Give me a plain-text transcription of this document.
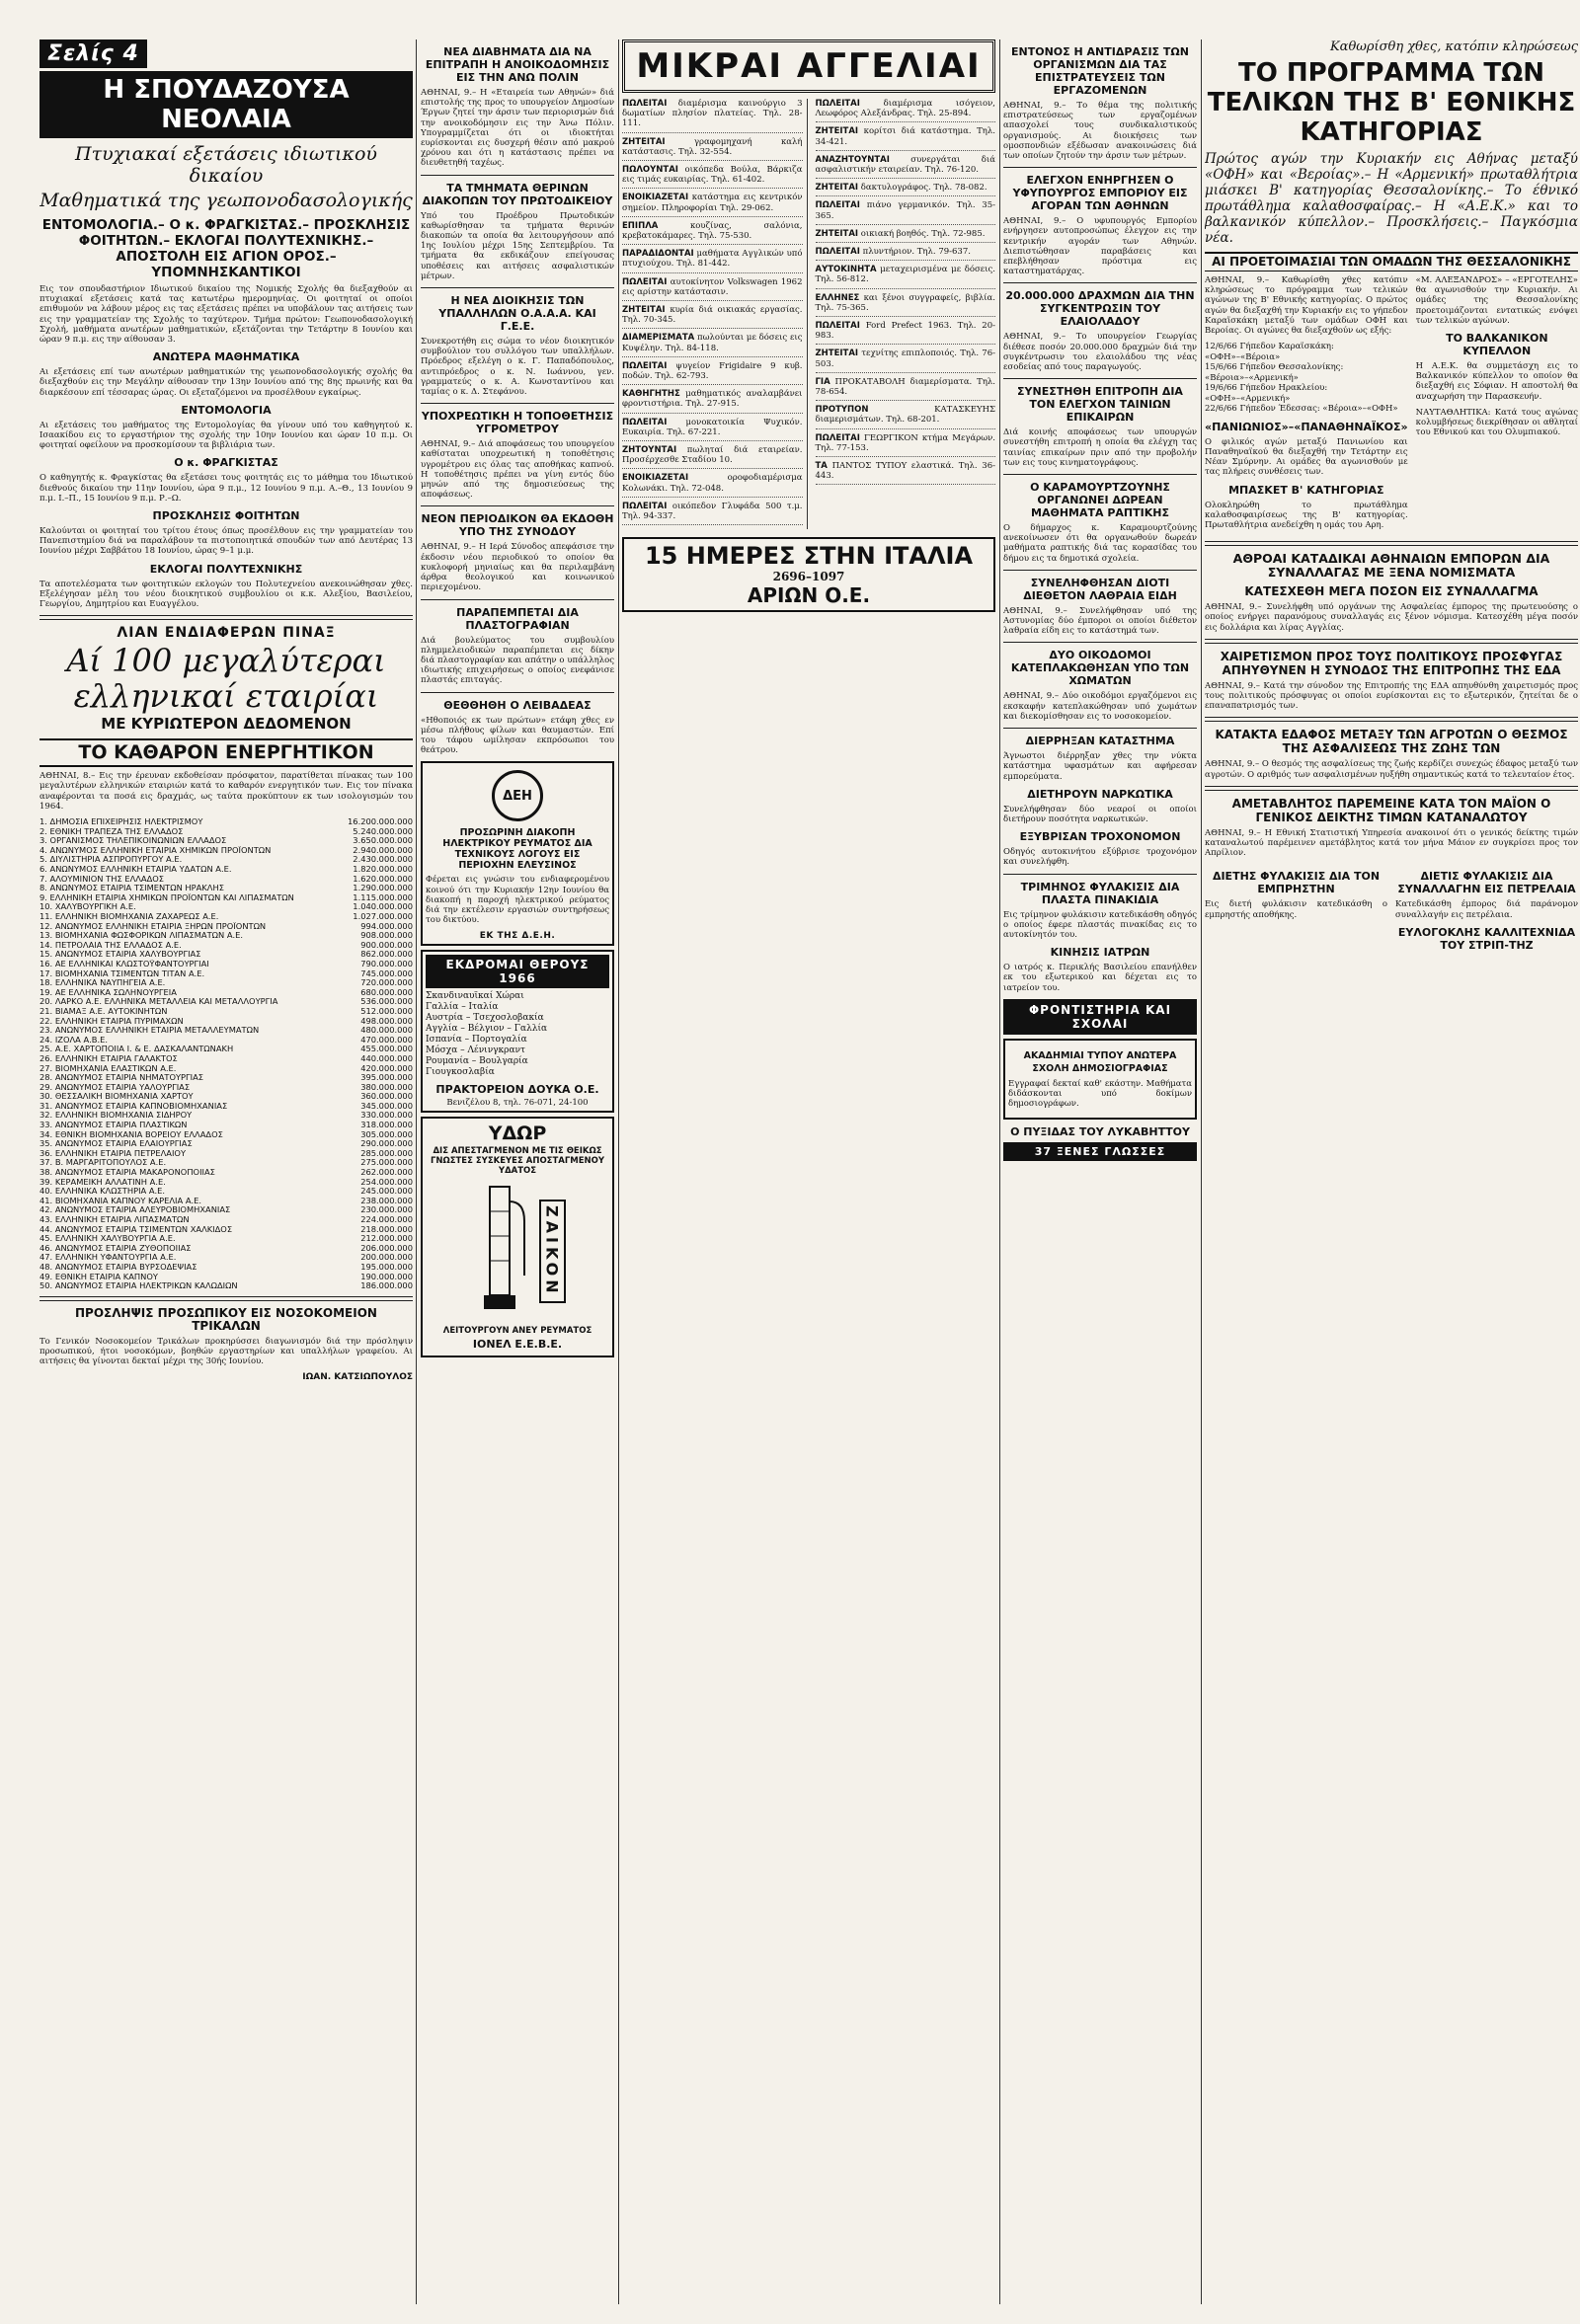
Σελίς 4
Η ΣΠΟΥΔΑΖΟΥΣΑ ΝΕΟΛΑΙΑ
Πτυχιακαί εξετάσεις ιδιωτικού δικαίου
Μαθηματικά της γεωπονοδασολογικής
ΕΝΤΟΜΟΛΟΓΙΑ.– Ο κ. ΦΡΑΓΚΙΣΤΑΣ.– ΠΡΟΣΚΛΗΣΙΣ ΦΟΙΤΗΤΩΝ.– ΕΚΛΟΓΑΙ ΠΟΛΥΤΕΧΝΙΚΗΣ.– ΑΠΟΣΤΟΛΗ ΕΙΣ ΑΓΙΟΝ ΟΡΟΣ.– ΥΠΟΜΝΗΣΚΑΝΤΙΚΟΙ

Εις τον σπουδαστήριον Ιδιωτικού δικαίου της Νομικής Σχολής θα διεξαχθούν αι πτυχιακαί εξετάσεις κατά τας κατωτέρω ημερομηνίας. Οι φοιτηταί οι οποίοι επιθυμούν να λάβουν μέρος εις τας εξετάσεις πρέπει να υποβάλουν τας αιτήσεις των εις την γραμματείαν της Σχολής το ταχύτερον. Τμήμα πρώτον: Γεωπονοδασολογική Σχολή, μαθήματα ανωτέρων μαθηματικών, εξετάζονται την Τετάρτην 8 Ιουνίου και ώραν 9 π.μ. εις την αίθουσαν 3.

ΑΝΩΤΕΡΑ ΜΑΘΗΜΑΤΙΚΑ

Αι εξετάσεις επί των ανωτέρων μαθηματικών της γεωπονοδασολογικής σχολής θα διεξαχθούν εις την Μεγάλην αίθουσαν την 13ην Ιουνίου από της 8ης πρωινής και θα διαρκέσουν επί τέσσαρας ώρας. Οι εξεταζόμενοι να προσέλθουν εγκαίρως.

ΕΝΤΟΜΟΛΟΓΙΑ

Αι εξετάσεις του μαθήματος της Εντομολογίας θα γίνουν υπό του καθηγητού κ. Ισαακίδου εις το εργαστήριον της σχολής την 10ην Ιουνίου και ώραν 10 π.μ. Οι φοιτηταί οφείλουν να προσκομίσουν τα βιβλιάρια των.

Ο κ. ΦΡΑΓΚΙΣΤΑΣ

Ο καθηγητής κ. Φραγκίστας θα εξετάσει τους φοιτητάς εις το μάθημα του Ιδιωτικού διεθνούς δικαίου την 11ην Ιουνίου, ώρα 9 π.μ., 12 Ιουνίου 9 π.μ. Α.–Θ., 13 Ιουνίου 9 π.μ. Ι.–Π., 15 Ιουνίου 9 π.μ. Ρ.–Ω.

ΠΡΟΣΚΛΗΣΙΣ ΦΟΙΤΗΤΩΝ

Καλούνται οι φοιτηταί του τρίτου έτους όπως προσέλθουν εις την γραμματείαν του Πανεπιστημίου διά να παραλάβουν τα πιστοποιητικά σπουδών των από Δευτέρας 13 Ιουνίου μέχρι Σαββάτου 18 Ιουνίου, ώρας 9–1 μ.μ.

ΕΚΛΟΓΑΙ ΠΟΛΥΤΕΧΝΙΚΗΣ

Τα αποτελέσματα των φοιτητικών εκλογών του Πολυτεχνείου ανεκοινώθησαν χθες. Εξελέγησαν μέλη του νέου διοικητικού συμβουλίου οι κ.κ. Αλεξίου, Βασιλείου, Γεωργίου, Δημητρίου και Ευαγγέλου.

ΛΙΑΝ ΕΝΔΙΑΦΕΡΩΝ ΠΙΝΑΞ
Αί 100 μεγαλύτεραι ελληνικαί εταιρίαι
ΜΕ ΚΥΡΙΩΤΕΡΟΝ ΔΕΔΟΜΕΝΟΝ
ΤΟ ΚΑΘΑΡΟΝ ΕΝΕΡΓΗΤΙΚΟΝ

ΑΘΗΝΑΙ, 8.– Εις την έρευναν εκδοθείσαν πρόσφατον, παρατίθεται πίνακας των 100 μεγαλυτέρων ελληνικών εταιριών κατά το καθαρόν ενεργητικόν των. Εις τον πίνακα αναφέρονται τα ποσά εις δραχμάς, ως ταύτα προκύπτουν εκ των ισολογισμών του 1964.

1. ΔΗΜΟΣΙΑ ΕΠΙΧΕΙΡΗΣΙΣ ΗΛΕΚΤΡΙΣΜΟΥ	16.200.000.000
2. ΕΘΝΙΚΗ ΤΡΑΠΕΖΑ ΤΗΣ ΕΛΛΑΔΟΣ	5.240.000.000
3. ΟΡΓΑΝΙΣΜΟΣ ΤΗΛΕΠΙΚΟΙΝΩΝΙΩΝ ΕΛΛΑΔΟΣ	3.650.000.000
4. ΑΝΩΝΥΜΟΣ ΕΛΛΗΝΙΚΗ ΕΤΑΙΡΙΑ ΧΗΜΙΚΩΝ ΠΡΟΪΟΝΤΩΝ	2.940.000.000
5. ΔΙΥΛΙΣΤΗΡΙΑ ΑΣΠΡΟΠΥΡΓΟΥ Α.Ε.	2.430.000.000
6. ΑΝΩΝΥΜΟΣ ΕΛΛΗΝΙΚΗ ΕΤΑΙΡΙΑ ΥΔΑΤΩΝ Α.Ε.	1.820.000.000
7. ΑΛΟΥΜΙΝΙΟΝ ΤΗΣ ΕΛΛΑΔΟΣ	1.620.000.000
8. ΑΝΩΝΥΜΟΣ ΕΤΑΙΡΙΑ ΤΣΙΜΕΝΤΩΝ ΗΡΑΚΛΗΣ	1.290.000.000
9. ΕΛΛΗΝΙΚΗ ΕΤΑΙΡΙΑ ΧΗΜΙΚΩΝ ΠΡΟΪΟΝΤΩΝ ΚΑΙ ΛΙΠΑΣΜΑΤΩΝ	1.115.000.000
10. ΧΑΛΥΒΟΥΡΓΙΚΗ Α.Ε.	1.040.000.000
11. ΕΛΛΗΝΙΚΗ ΒΙΟΜΗΧΑΝΙΑ ΖΑΧΑΡΕΩΣ Α.Ε.	1.027.000.000
12. ΑΝΩΝΥΜΟΣ ΕΛΛΗΝΙΚΗ ΕΤΑΙΡΙΑ ΞΗΡΩΝ ΠΡΟΪΟΝΤΩΝ	994.000.000
13. ΒΙΟΜΗΧΑΝΙΑ ΦΩΣΦΟΡΙΚΩΝ ΛΙΠΑΣΜΑΤΩΝ Α.Ε.	908.000.000
14. ΠΕΤΡΟΛΑΙΑ ΤΗΣ ΕΛΛΑΔΟΣ Α.Ε.	900.000.000
15. ΑΝΩΝΥΜΟΣ ΕΤΑΙΡΙΑ ΧΑΛΥΒΟΥΡΓΙΑΣ	862.000.000
16. ΑΕ ΕΛΛΗΝΙΚΑΙ ΚΛΩΣΤΟΫΦΑΝΤΟΥΡΓΙΑΙ	790.000.000
17. ΒΙΟΜΗΧΑΝΙΑ ΤΣΙΜΕΝΤΩΝ ΤΙΤΑΝ Α.Ε.	745.000.000
18. ΕΛΛΗΝΙΚΑ ΝΑΥΠΗΓΕΙΑ Α.Ε.	720.000.000
19. ΑΕ ΕΛΛΗΝΙΚΑ ΣΩΛΗΝΟΥΡΓΕΙΑ	680.000.000
20. ΛΑΡΚΟ Α.Ε. ΕΛΛΗΝΙΚΑ ΜΕΤΑΛΛΕΙΑ ΚΑΙ ΜΕΤΑΛΛΟΥΡΓΙΑ	536.000.000
21. ΒΙΑΜΑΞ Α.Ε. ΑΥΤΟΚΙΝΗΤΩΝ	512.000.000
22. ΕΛΛΗΝΙΚΗ ΕΤΑΙΡΙΑ ΠΥΡΙΜΑΧΩΝ	498.000.000
23. ΑΝΩΝΥΜΟΣ ΕΛΛΗΝΙΚΗ ΕΤΑΙΡΙΑ ΜΕΤΑΛΛΕΥΜΑΤΩΝ	480.000.000
24. ΙΖΟΛΑ Α.Β.Ε.	470.000.000
25. Α.Ε. ΧΑΡΤΟΠΟΙΙΑ Ι. & Ε. ΔΑΣΚΑΛΑΝΤΩΝΑΚΗ	455.000.000
26. ΕΛΛΗΝΙΚΗ ΕΤΑΙΡΙΑ ΓΑΛΑΚΤΟΣ	440.000.000
27. ΒΙΟΜΗΧΑΝΙΑ ΕΛΑΣΤΙΚΩΝ Α.Ε.	420.000.000
28. ΑΝΩΝΥΜΟΣ ΕΤΑΙΡΙΑ ΝΗΜΑΤΟΥΡΓΙΑΣ	395.000.000
29. ΑΝΩΝΥΜΟΣ ΕΤΑΙΡΙΑ ΥΑΛΟΥΡΓΙΑΣ	380.000.000
30. ΘΕΣΣΑΛΙΚΗ ΒΙΟΜΗΧΑΝΙΑ ΧΑΡΤΟΥ	360.000.000
31. ΑΝΩΝΥΜΟΣ ΕΤΑΙΡΙΑ ΚΑΠΝΟΒΙΟΜΗΧΑΝΙΑΣ	345.000.000
32. ΕΛΛΗΝΙΚΗ ΒΙΟΜΗΧΑΝΙΑ ΣΙΔΗΡΟΥ	330.000.000
33. ΑΝΩΝΥΜΟΣ ΕΤΑΙΡΙΑ ΠΛΑΣΤΙΚΩΝ	318.000.000
34. ΕΘΝΙΚΗ ΒΙΟΜΗΧΑΝΙΑ ΒΟΡΕΙΟΥ ΕΛΛΑΔΟΣ	305.000.000
35. ΑΝΩΝΥΜΟΣ ΕΤΑΙΡΙΑ ΕΛΑΙΟΥΡΓΙΑΣ	290.000.000
36. ΕΛΛΗΝΙΚΗ ΕΤΑΙΡΙΑ ΠΕΤΡΕΛΑΙΟΥ	285.000.000
37. Β. ΜΑΡΓΑΡΙΤΟΠΟΥΛΟΣ Α.Ε.	275.000.000
38. ΑΝΩΝΥΜΟΣ ΕΤΑΙΡΙΑ ΜΑΚΑΡΟΝΟΠΟΙΙΑΣ	262.000.000
39. ΚΕΡΑΜΕΙΚΗ ΑΛΛΑΤΙΝΗ Α.Ε.	254.000.000
40. ΕΛΛΗΝΙΚΑ ΚΛΩΣΤΗΡΙΑ Α.Ε.	245.000.000
41. ΒΙΟΜΗΧΑΝΙΑ ΚΑΠΝΟΥ ΚΑΡΕΛΙΑ Α.Ε.	238.000.000
42. ΑΝΩΝΥΜΟΣ ΕΤΑΙΡΙΑ ΑΛΕΥΡΟΒΙΟΜΗΧΑΝΙΑΣ	230.000.000
43. ΕΛΛΗΝΙΚΗ ΕΤΑΙΡΙΑ ΛΙΠΑΣΜΑΤΩΝ	224.000.000
44. ΑΝΩΝΥΜΟΣ ΕΤΑΙΡΙΑ ΤΣΙΜΕΝΤΩΝ ΧΑΛΚΙΔΟΣ	218.000.000
45. ΕΛΛΗΝΙΚΗ ΧΑΛΥΒΟΥΡΓΙΑ Α.Ε.	212.000.000
46. ΑΝΩΝΥΜΟΣ ΕΤΑΙΡΙΑ ΖΥΘΟΠΟΙΙΑΣ	206.000.000
47. ΕΛΛΗΝΙΚΗ ΥΦΑΝΤΟΥΡΓΙΑ Α.Ε.	200.000.000
48. ΑΝΩΝΥΜΟΣ ΕΤΑΙΡΙΑ ΒΥΡΣΟΔΕΨΙΑΣ	195.000.000
49. ΕΘΝΙΚΗ ΕΤΑΙΡΙΑ ΚΑΠΝΟΥ	190.000.000
50. ΑΝΩΝΥΜΟΣ ΕΤΑΙΡΙΑ ΗΛΕΚΤΡΙΚΩΝ ΚΑΛΩΔΙΩΝ	186.000.000
ΠΡΟΣΛΗΨΙΣ ΠΡΟΣΩΠΙΚΟΥ ΕΙΣ ΝΟΣΟΚΟΜΕΙΟΝ ΤΡΙΚΑΛΩΝ

Το Γενικόν Νοσοκομείον Τρικάλων προκηρύσσει διαγωνισμόν διά την πρόσληψιν προσωπικού, ήτοι νοσοκόμων, βοηθών εργαστηρίων και υπαλλήλων γραφείου. Αι αιτήσεις θα γίνονται δεκταί μέχρι της 30ής Ιουνίου.

ΙΩΑΝ. ΚΑΤΣΙΩΠΟΥΛΟΣ
ΝΕΑ ΔΙΑΒΗΜΑΤΑ ΔΙΑ ΝΑ ΕΠΙΤΡΑΠΗ Η ΑΝΟΙΚΟΔΟΜΗΣΙΣ ΕΙΣ ΤΗΝ ΑΝΩ ΠΟΛΙΝ

ΑΘΗΝΑΙ, 9.– Η «Εταιρεία των Αθηνών» διά επιστολής της προς το υπουργείον Δημοσίων Έργων ζητεί την άρσιν των περιορισμών διά την ανοικοδόμησιν εις την Άνω Πόλιν. Υπογραμμίζεται ότι οι ιδιοκτήται ευρίσκονται εις δυσχερή θέσιν από μακρού χρόνου και ότι η κατάστασις πρέπει να διευθετηθή ταχέως.

ΤΑ ΤΜΗΜΑΤΑ ΘΕΡΙΝΩΝ ΔΙΑΚΟΠΩΝ ΤΟΥ ΠΡΩΤΟΔΙΚΕΙΟΥ

Υπό του Προέδρου Πρωτοδικών καθωρίσθησαν τα τμήματα θερινών διακοπών τα οποία θα λειτουργήσουν από 1ης Ιουλίου μέχρι 15ης Σεπτεμβρίου. Τα τμήματα θα εκδικάζουν επείγουσας υποθέσεις και αιτήσεις ασφαλιστικών μέτρων.

Η ΝΕΑ ΔΙΟΙΚΗΣΙΣ ΤΩΝ ΥΠΑΛΛΗΛΩΝ Ο.Α.Α.Α. ΚΑΙ Γ.Ε.Ε.

Συνεκροτήθη εις σώμα το νέον διοικητικόν συμβούλιον του συλλόγου των υπαλλήλων. Πρόεδρος εξελέγη ο κ. Γ. Παπαδόπουλος, αντιπρόεδρος ο κ. Ν. Ιωάννου, γεν. γραμματεύς ο κ. Α. Κωνσταντίνου και ταμίας ο κ. Δ. Στεφάνου.

ΥΠΟΧΡΕΩΤΙΚΗ Η ΤΟΠΟΘΕΤΗΣΙΣ ΥΓΡΟΜΕΤΡΟΥ

ΑΘΗΝΑΙ, 9.– Διά αποφάσεως του υπουργείου καθίσταται υποχρεωτική η τοποθέτησις υγρομέτρου εις όλας τας αποθήκας καπνού. Η τοποθέτησις πρέπει να γίνη εντός δύο μηνών από της δημοσιεύσεως της αποφάσεως.

ΝΕΟΝ ΠΕΡΙΟΔΙΚΟΝ ΘΑ ΕΚΔΟΘΗ ΥΠΟ ΤΗΣ ΣΥΝΟΔΟΥ

ΑΘΗΝΑΙ, 9.– Η Ιερά Σύνοδος απεφάσισε την έκδοσιν νέου περιοδικού το οποίον θα κυκλοφορή μηνιαίως και θα περιλαμβάνη άρθρα θεολογικού και κοινωνικού περιεχομένου.

ΠΑΡΑΠΕΜΠΕΤΑΙ ΔΙΑ ΠΛΑΣΤΟΓΡΑΦΙΑΝ

Διά βουλεύματος του συμβουλίου πλημμελειοδικών παραπέμπεται εις δίκην διά πλαστογραφίαν και απάτην ο υπάλληλος ιδιωτικής επιχειρήσεως ο οποίος ενεφάνισε πλαστάς επιταγάς.

ΘΕΘΘΗΘΗ Ο ΛΕΙΒΑΔΕΑΣ

«Ηθοποιός εκ των πρώτων» ετάφη χθες εν μέσω πλήθους φίλων και θαυμαστών. Επί του τάφου ωμίλησαν εκπρόσωποι του θεάτρου.

ΔΕΗ
ΠΡΟΣΩΡΙΝΗ ΔΙΑΚΟΠΗ ΗΛΕΚΤΡΙΚΟΥ ΡΕΥΜΑΤΟΣ ΔΙΑ ΤΕΧΝΙΚΟΥΣ ΛΟΓΟΥΣ ΕΙΣ ΠΕΡΙΟΧΗΝ ΕΛΕΥΣΙΝΟΣ

Φέρεται εις γνώσιν του ενδιαφερομένου κοινού ότι την Κυριακήν 12ην Ιουνίου θα διακοπή η παροχή ηλεκτρικού ρεύματος διά την εκτέλεσιν εργασιών συντηρήσεως του δικτύου.

ΕΚ ΤΗΣ Δ.Ε.Η.
ΕΚΔΡΟΜΑΙ ΘΕΡΟΥΣ 1966
Σκανδιναυϊκαί Χώραι
Γαλλία – Ιταλία
Αυστρία – Τσεχοσλοβακία
Αγγλία – Βέλγιον – Γαλλία
Ισπανία – Πορτογαλία
Μόσχα – Λένινγκραντ
Ρουμανία – Βουλγαρία
Γιουγκοσλαβία
ΠΡΑΚΤΟΡΕΙΟΝ ΔΟΥΚΑ Ο.Ε.
Βενιζέλου 8, τηλ. 76-071, 24-100
ΥΔΩΡ
ΔΙΣ ΑΠΕΣΤΑΓΜΕΝΟΝ ΜΕ ΤΙΣ ΘΕΙΚΩΣ ΓΝΩΣΤΕΣ ΣΥΣΚΕΥΕΣ ΑΠΟΣΤΑΓΜΕΝΟΥ ΥΔΑΤΟΣ
ZAIKON
ΛΕΙΤΟΥΡΓΟΥΝ ΑΝΕΥ ΡΕΥΜΑΤΟΣ
ΙΟΝΕΛ Ε.Ε.Β.Ε.
ΜΙΚΡΑΙ ΑΓΓΕΛΙΑΙ

ΠΩΛΕΙΤΑΙ διαμέρισμα καινούργιο 3 δωματίων πλησίον πλατείας. Τηλ. 28-111.

ΖΗΤΕΙΤΑΙ γραφομηχανή καλή κατάστασις. Τηλ. 32-554.

ΠΩΛΟΥΝΤΑΙ οικόπεδα Βούλα, Βάρκιζα εις τιμάς ευκαιρίας. Τηλ. 61-402.

ΕΝΟΙΚΙΑΖΕΤΑΙ κατάστημα εις κεντρικόν σημείον. Πληροφορίαι Τηλ. 29-062.

ΕΠΙΠΛΑ κουζίνας, σαλόνια, κρεβατοκάμαρες. Τηλ. 75-530.

ΠΑΡΑΔΙΔΟΝΤΑΙ μαθήματα Αγγλικών υπό πτυχιούχου. Τηλ. 81-442.

ΠΩΛΕΙΤΑΙ αυτοκίνητον Volkswagen 1962 εις αρίστην κατάστασιν.

ΖΗΤΕΙΤΑΙ κυρία διά οικιακάς εργασίας. Τηλ. 70-345.

ΔΙΑΜΕΡΙΣΜΑΤΑ πωλούνται με δόσεις εις Κυψέλην. Τηλ. 84-118.

ΠΩΛΕΙΤΑΙ ψυγείον Frigidaire 9 κυβ. ποδών. Τηλ. 62-793.

ΚΑΘΗΓΗΤΗΣ μαθηματικός αναλαμβάνει φροντιστήρια. Τηλ. 27-915.

ΠΩΛΕΙΤΑΙ μονοκατοικία Ψυχικόν. Ευκαιρία. Τηλ. 67-221.

ΖΗΤΟΥΝΤΑΙ πωληταί διά εταιρείαν. Προσέρχεσθε Σταδίου 10.

ΕΝΟΙΚΙΑΖΕΤΑΙ οροφοδιαμέρισμα Κολωνάκι. Τηλ. 72-048.

ΠΩΛΕΙΤΑΙ οικόπεδον Γλυφάδα 500 τ.μ. Τηλ. 94-337.

ΠΩΛΕΙΤΑΙ διαμέρισμα ισόγειον, Λεωφόρος Αλεξάνδρας. Τηλ. 25-894.

ΖΗΤΕΙΤΑΙ κορίτσι διά κατάστημα. Τηλ. 34-421.

ΑΝΑΖΗΤΟΥΝΤΑΙ συνεργάται διά ασφαλιστικήν εταιρείαν. Τηλ. 76-120.

ΖΗΤΕΙΤΑΙ δακτυλογράφος. Τηλ. 78-082.

ΠΩΛΕΙΤΑΙ πιάνο γερμανικόν. Τηλ. 35-365.

ΖΗΤΕΙΤΑΙ οικιακή βοηθός. Τηλ. 72-985.

ΠΩΛΕΙΤΑΙ πλυντήριον. Τηλ. 79-637.

ΑΥΤΟΚΙΝΗΤΑ μεταχειρισμένα με δόσεις. Τηλ. 56-812.

ΕΛΛΗΝΕΣ και ξένοι συγγραφείς, βιβλία. Τηλ. 75-365.

ΠΩΛΕΙΤΑΙ Ford Prefect 1963. Τηλ. 20-983.

ΖΗΤΕΙΤΑΙ τεχνίτης επιπλοποιός. Τηλ. 76-503.

ΓΙΑ ΠΡΟΚΑΤΑΒΟΛΗ διαμερίσματα. Τηλ. 78-654.

ΠΡΟΤΥΠΟΝ ΚΑΤΑΣΚΕΥΗΣ διαμερισμάτων. Τηλ. 68-201.

ΠΩΛΕΙΤΑΙ ΓΕΩΡΓΙΚΟΝ κτήμα Μεγάρων. Τηλ. 77-153.

ΤΑ ΠΑΝΤΟΣ ΤΥΠΟΥ ελαστικά. Τηλ. 36-443.

15 ΗΜΕΡΕΣ ΣΤΗΝ ΙΤΑΛΙΑ
2696–1097
ΑΡΙΩΝ Ο.Ε.
ΕΝΤΟΝΟΣ Η ΑΝΤΙΔΡΑΣΙΣ ΤΩΝ ΟΡΓΑΝΙΣΜΩΝ ΔΙΑ ΤΑΣ ΕΠΙΣΤΡΑΤΕΥΣΕΙΣ ΤΩΝ ΕΡΓΑΖΟΜΕΝΩΝ

ΑΘΗΝΑΙ, 9.– Το θέμα της πολιτικής επιστρατεύσεως των εργαζομένων απασχολεί τους συνδικαλιστικούς οργανισμούς. Αι διοικήσεις των ομοσπονδιών εξέδωσαν ανακοινώσεις διά των οποίων ζητούν την άρσιν των μέτρων.

ΕΛΕΓΧΟΝ ΕΝΗΡΓΗΣΕΝ Ο ΥΦΥΠΟΥΡΓΟΣ ΕΜΠΟΡΙΟΥ ΕΙΣ ΑΓΟΡΑΝ ΤΩΝ ΑΘΗΝΩΝ

ΑΘΗΝΑΙ, 9.– Ο υφυπουργός Εμπορίου ενήργησεν αυτοπροσώπως έλεγχον εις την κεντρικήν αγοράν των Αθηνών. Διεπιστώθησαν παραβάσεις και επεβλήθησαν πρόστιμα εις καταστηματάρχας.

20.000.000 ΔΡΑΧΜΩΝ ΔΙΑ ΤΗΝ ΣΥΓΚΕΝΤΡΩΣΙΝ ΤΟΥ ΕΛΑΙΟΛΑΔΟΥ

ΑΘΗΝΑΙ, 9.– Το υπουργείον Γεωργίας διέθεσε ποσόν 20.000.000 δραχμών διά την συγκέντρωσιν του ελαιολάδου της νέας εσοδείας από τους παραγωγούς.

ΣΥΝΕΣΤΗΘΗ ΕΠΙΤΡΟΠΗ ΔΙΑ ΤΟΝ ΕΛΕΓΧΟΝ ΤΑΙΝΙΩΝ ΕΠΙΚΑΙΡΩΝ

Διά κοινής αποφάσεως των υπουργών συνεστήθη επιτροπή η οποία θα ελέγχη τας ταινίας επικαίρων πριν από την προβολήν των εις τους κινηματογράφους.

Ο ΚΑΡΑΜΟΥΡΤΖΟΥΝΗΣ ΟΡΓΑΝΩΝΕΙ ΔΩΡΕΑΝ ΜΑΘΗΜΑΤΑ ΡΑΠΤΙΚΗΣ

Ο δήμαρχος κ. Καραμουρτζούνης ανεκοίνωσεν ότι θα οργανωθούν δωρεάν μαθήματα ραπτικής διά τας κορασίδας του δήμου εις τα δημοτικά σχολεία.

ΣΥΝΕΛΗΦΘΗΣΑΝ ΔΙΟΤΙ ΔΙΕΘΕΤΟΝ ΛΑΘΡΑΙΑ ΕΙΔΗ

ΑΘΗΝΑΙ, 9.– Συνελήφθησαν υπό της Αστυνομίας δύο έμποροι οι οποίοι διέθετον λαθραία είδη εις το κατάστημά των.

ΔΥΟ ΟΙΚΟΔΟΜΟΙ ΚΑΤΕΠΛΑΚΩΘΗΣΑΝ ΥΠΟ ΤΩΝ ΧΩΜΑΤΩΝ

ΑΘΗΝΑΙ, 9.– Δύο οικοδόμοι εργαζόμενοι εις εκσκαφήν κατεπλακώθησαν υπό χωμάτων και διεκομίσθησαν εις το νοσοκομείον.

ΔΙΕΡΡΗΞΑΝ ΚΑΤΑΣΤΗΜΑ

Άγνωστοι διέρρηξαν χθες την νύκτα κατάστημα υφασμάτων και αφήρεσαν εμπορεύματα.

ΔΙΕΤΗΡΟΥΝ ΝΑΡΚΩΤΙΚΑ

Συνελήφθησαν δύο νεαροί οι οποίοι διετήρουν ποσότητα ναρκωτικών.

ΕΞΥΒΡΙΣΑΝ ΤΡΟΧΟΝΟΜΟΝ

Οδηγός αυτοκινήτου εξύβρισε τροχονόμον και συνελήφθη.

ΤΡΙΜΗΝΟΣ ΦΥΛΑΚΙΣΙΣ ΔΙΑ ΠΛΑΣΤΑ ΠΙΝΑΚΙΔΙΑ

Εις τρίμηνον φυλάκισιν κατεδικάσθη οδηγός ο οποίος έφερε πλαστάς πινακίδας εις το αυτοκίνητόν του.

ΚΙΝΗΣΙΣ ΙΑΤΡΩΝ

Ο ιατρός κ. Περικλής Βασιλείου επανήλθεν εκ του εξωτερικού και δέχεται εις το ιατρείον του.

ΦΡΟΝΤΙΣΤΗΡΙΑ ΚΑΙ ΣΧΟΛΑΙ
ΑΚΑΔΗΜΙΑΙ ΤΥΠΟΥ ΑΝΩΤΕΡΑ ΣΧΟΛΗ ΔΗΜΟΣΙΟΓΡΑΦΙΑΣ

Εγγραφαί δεκταί καθ' εκάστην. Μαθήματα διδάσκονται υπό δοκίμων δημοσιογράφων.

Ο ΠΥΞΙΔΑΣ ΤΟΥ ΛΥΚΑΒΗΤΤΟΥ
37 ΞΕΝΕΣ ΓΛΩΣΣΕΣ
Καθωρίσθη χθες, κατόπιν κληρώσεως
ΤΟ ΠΡΟΓΡΑΜΜΑ ΤΩΝ ΤΕΛΙΚΩΝ ΤΗΣ Β' ΕΘΝΙΚΗΣ ΚΑΤΗΓΟΡΙΑΣ
Πρώτος αγών την Κυριακήν εις Αθήνας μεταξύ «ΟΦΗ» και «Βεροίας».– Η «Αρμενική» πρωταθλήτρια μιάσκει Β' κατηγορίας Θεσσαλονίκης.– Το έθνικό πρωτάθλημα καλαθοσφαίρας.– Η «Α.Ε.Κ.» και το βαλκανικόν κύπελλον.– Προσκλήσεις.– Παγκόσμια νέα.
ΑΙ ΠΡΟΕΤΟΙΜΑΣΙΑΙ ΤΩΝ ΟΜΑΔΩΝ ΤΗΣ ΘΕΣΣΑΛΟΝΙΚΗΣ

ΑΘΗΝΑΙ, 9.– Καθωρίσθη χθες κατόπιν κληρώσεως το πρόγραμμα των τελικών αγώνων της Β' Εθνικής κατηγορίας. Ο πρώτος αγών θα διεξαχθή την Κυριακήν εις το γήπεδον Καραϊσκάκη μεταξύ των ομάδων ΟΦΗ και Βεροίας. Οι αγώνες θα διεξαχθούν ως εξής:

12/6/66 Γήπεδον Καραϊσκάκη: «ΟΦΗ»–«Βέροια»
15/6/66 Γήπεδον Θεσσαλονίκης: «Βέροια»–«Αρμενική»
19/6/66 Γήπεδον Ηρακλείου: «ΟΦΗ»–«Αρμενική»
22/6/66 Γήπεδον Έδεσσας: «Βέροια»–«ΟΦΗ»
«ΠΑΝΙΩΝΙΟΣ»–«ΠΑΝΑΘΗΝΑΪΚΟΣ»

Ο φιλικός αγών μεταξύ Πανιωνίου και Παναθηναϊκού θα διεξαχθή την Τετάρτην εις Νέαν Σμύρνην. Αι ομάδες θα αγωνισθούν με τας πλήρεις συνθέσεις των.

ΜΠΑΣΚΕΤ Β' ΚΑΤΗΓΟΡΙΑΣ

Ολοκληρώθη το πρωτάθλημα καλαθοσφαιρίσεως της Β' κατηγορίας. Πρωταθλήτρια ανεδείχθη η ομάς του Αρη.

«Μ. ΑΛΕΞΑΝΔΡΟΣ» – «ΕΡΓΟΤΕΛΗΣ» θα αγωνισθούν την Κυριακήν. Αι ομάδες της Θεσσαλονίκης προετοιμάζονται εντατικώς ενόψει των τελικών αγώνων.

ΤΟ ΒΑΛΚΑΝΙΚΟΝ ΚΥΠΕΛΛΟΝ

Η Α.Ε.Κ. θα συμμετάσχη εις το Βαλκανικόν κύπελλον το οποίον θα διεξαχθή εις Σόφιαν. Η αποστολή θα αναχωρήση την Παρασκευήν.

ΝΑΥΤΑΘΛΗΤΙΚΑ: Κατά τους αγώνας κολυμβήσεως διεκρίθησαν οι αθληταί του Εθνικού και του Ολυμπιακού.

ΑΘΡΟΑΙ ΚΑΤΑΔΙΚΑΙ ΑΘΗΝΑΙΩΝ ΕΜΠΟΡΩΝ ΔΙΑ ΣΥΝΑΛΛΑΓΑΣ ΜΕ ΞΕΝΑ ΝΟΜΙΣΜΑΤΑ
ΚΑΤΕΣΧΕΘΗ ΜΕΓΑ ΠΟΣΟΝ ΕΙΣ ΣΥΝΑΛΛΑΓΜΑ

ΑΘΗΝΑΙ, 9.– Συνελήφθη υπό οργάνων της Ασφαλείας έμπορος της πρωτευούσης ο οποίος ενήργει παρανόμους συναλλαγάς εις ξένον νόμισμα. Κατεσχέθη μέγα ποσόν εις δολλάρια και λίρας Αγγλίας.

ΧΑΙΡΕΤΙΣΜΟΝ ΠΡΟΣ ΤΟΥΣ ΠΟΛΙΤΙΚΟΥΣ ΠΡΟΣΦΥΓΑΣ ΑΠΗΥΘΥΝΕΝ Η ΣΥΝΟΔΟΣ ΤΗΣ ΕΠΙΤΡΟΠΗΣ ΤΗΣ ΕΔΑ

ΑΘΗΝΑΙ, 9.– Κατά την σύνοδον της Επιτροπής της ΕΔΑ απηυθύνθη χαιρετισμός προς τους πολιτικούς πρόσφυγας οι οποίοι ευρίσκονται εις το εξωτερικόν, ζητείται δε ο επαναπατρισμός των.

ΚΑΤΑΚΤΑ ΕΔΑΦΟΣ ΜΕΤΑΞΥ ΤΩΝ ΑΓΡΟΤΩΝ Ο ΘΕΣΜΟΣ ΤΗΣ ΑΣΦΑΛΙΣΕΩΣ ΤΗΣ ΖΩΗΣ ΤΩΝ

ΑΘΗΝΑΙ, 9.– Ο θεσμός της ασφαλίσεως της ζωής κερδίζει συνεχώς έδαφος μεταξύ των αγροτών. Ο αριθμός των ασφαλισμένων ηυξήθη σημαντικώς κατά το τελευταίον έτος.

ΑΜΕΤΑΒΛΗΤΟΣ ΠΑΡΕΜΕΙΝΕ ΚΑΤΑ ΤΟΝ ΜΑΪΟΝ Ο ΓΕΝΙΚΟΣ ΔΕΙΚΤΗΣ ΤΙΜΩΝ ΚΑΤΑΝΑΛΩΤΟΥ

ΑΘΗΝΑΙ, 9.– Η Εθνική Στατιστική Υπηρεσία ανακοινοί ότι ο γενικός δείκτης τιμών καταναλωτού παρέμεινεν αμετάβλητος κατά τον μήνα Μάιον εν συγκρίσει προς τον Απρίλιον.

ΔΙΕΤΗΣ ΦΥΛΑΚΙΣΙΣ ΔΙΑ ΤΟΝ ΕΜΠΡΗΣΤΗΝ

Εις διετή φυλάκισιν κατεδικάσθη ο εμπρηστής αποθήκης.

ΔΙΕΤΙΣ ΦΥΛΑΚΙΣΙΣ ΔΙΑ ΣΥΝΑΛΛΑΓΗΝ ΕΙΣ ΠΕΤΡΕΛΑΙΑ

Κατεδικάσθη έμπορος διά παράνομον συναλλαγήν εις πετρέλαια.

ΕΥΛΟΓΟΚΛΗΣ ΚΑΛΛΙΤΕΧΝΙΔΑ ΤΟΥ ΣΤΡΙΠ-ΤΗΖ
